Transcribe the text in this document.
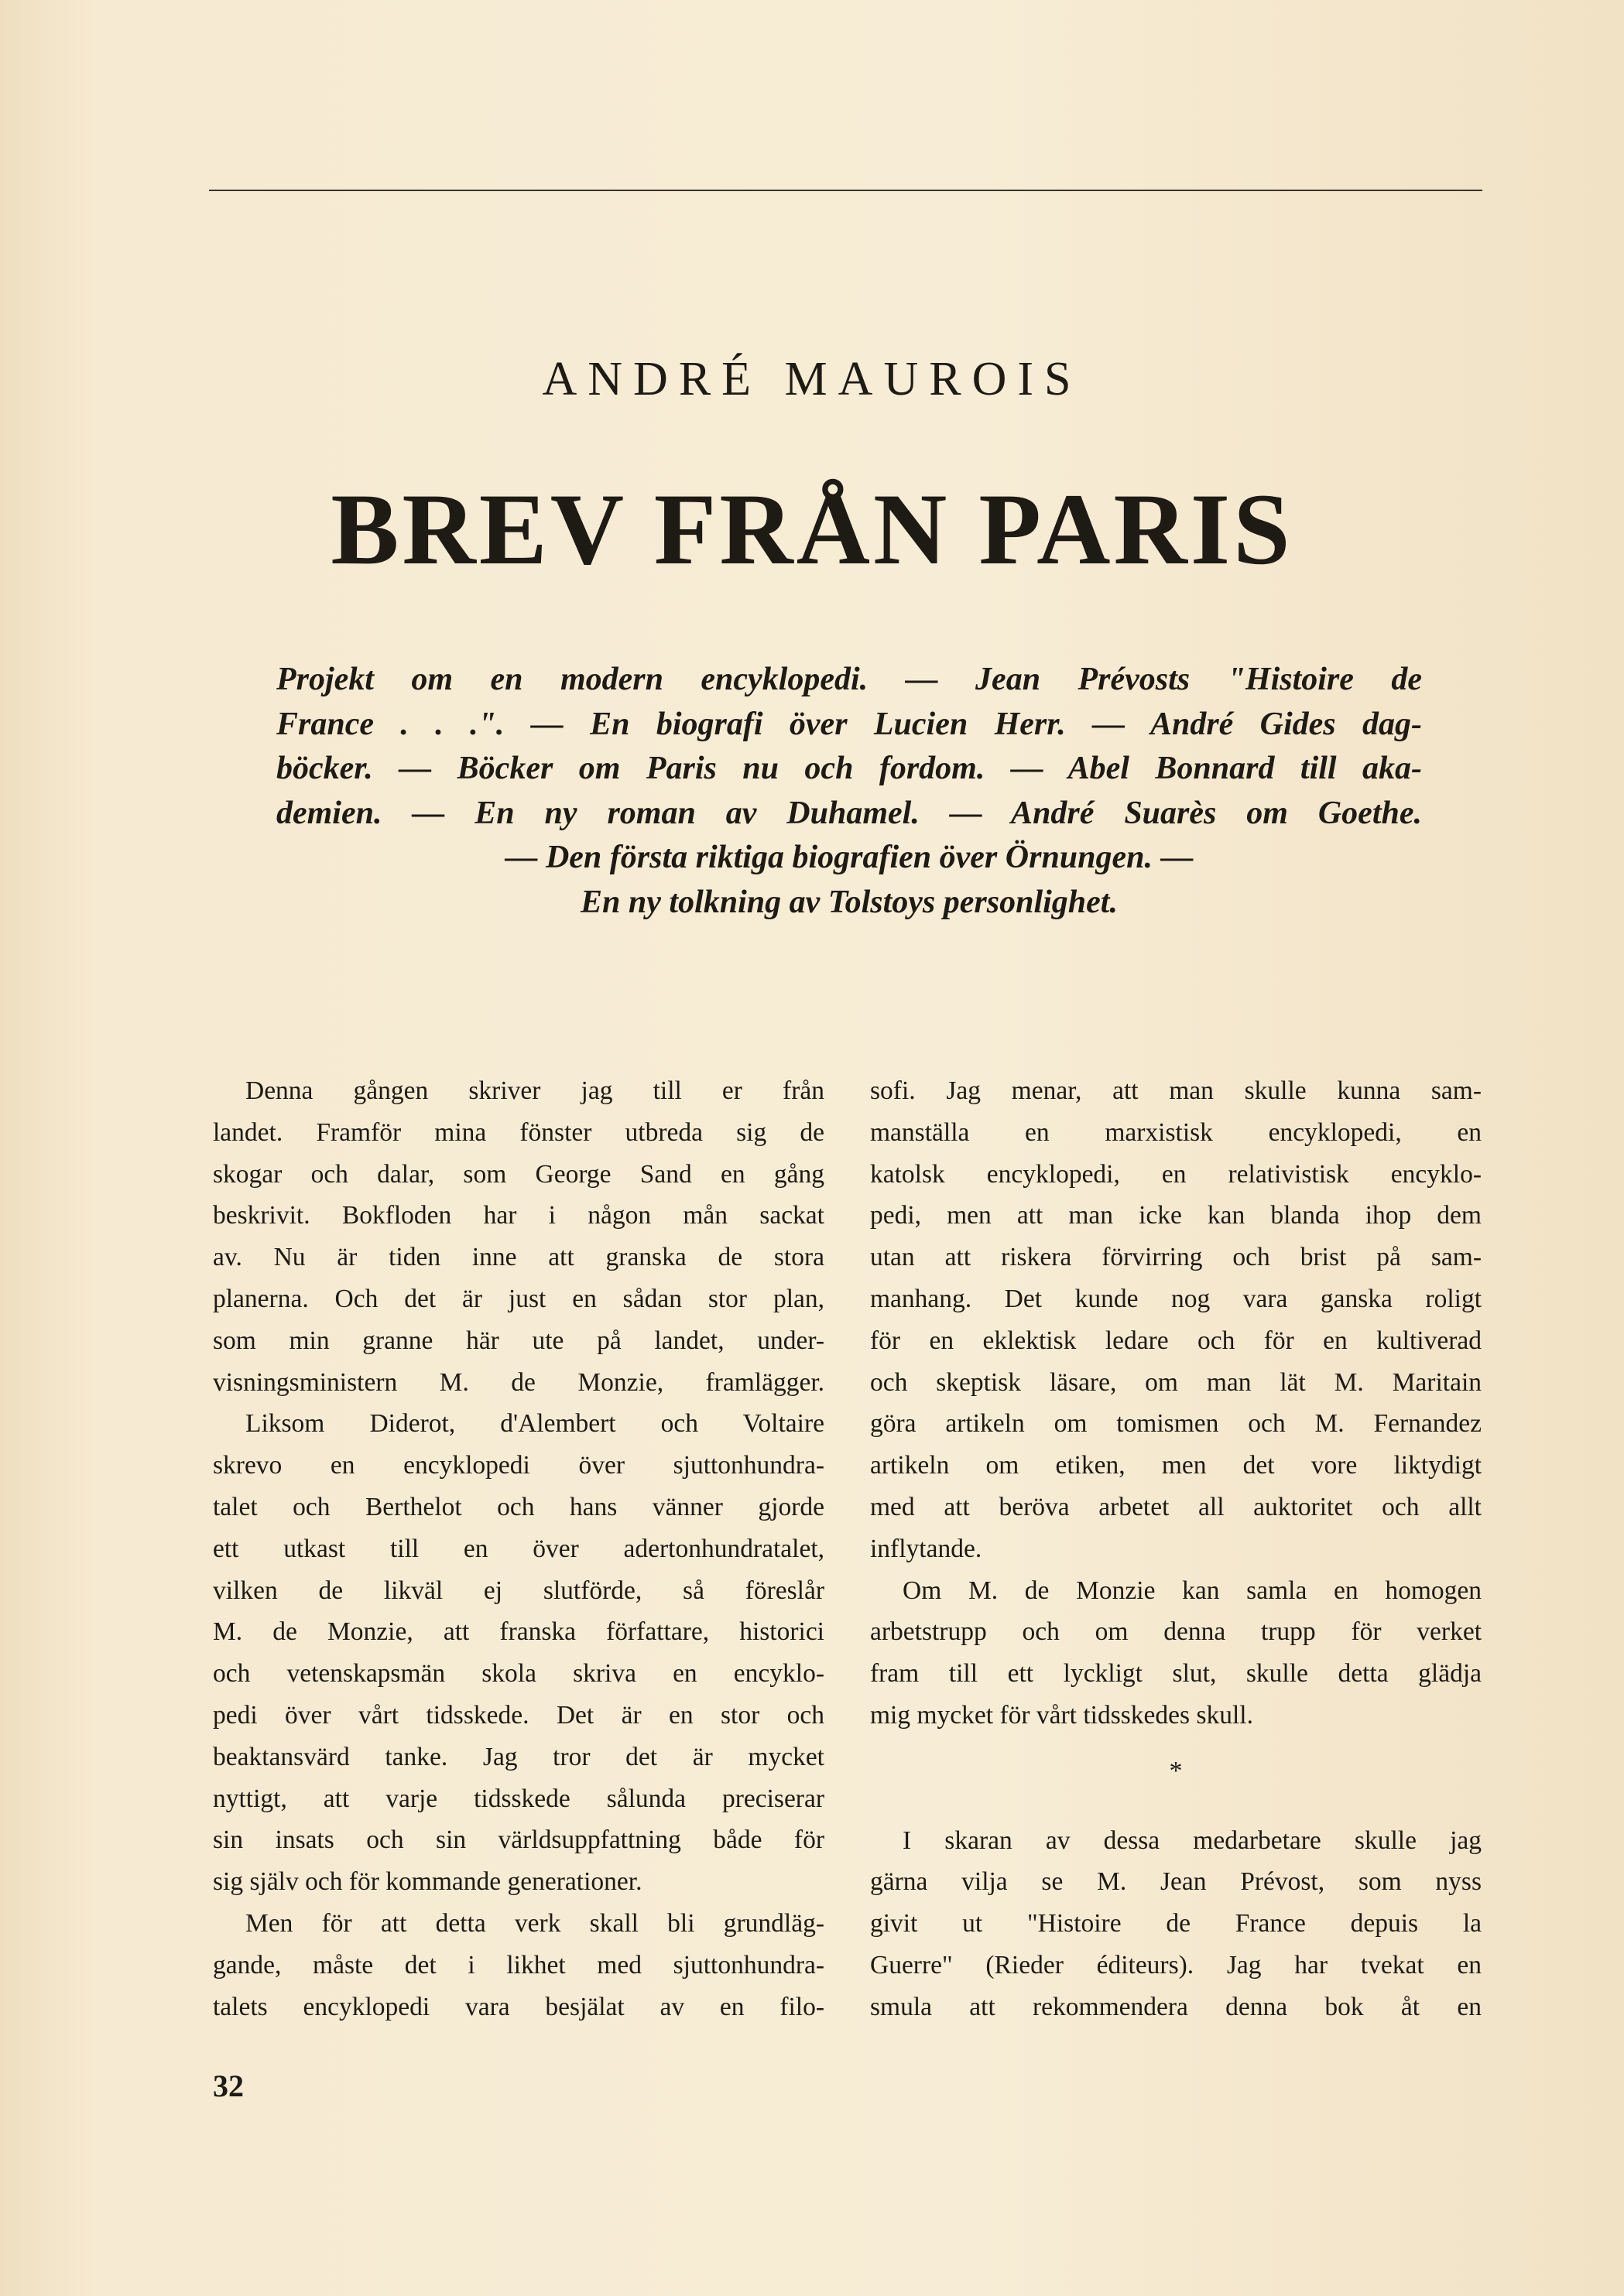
ANDRÉ MAUROIS
BREV FRÅN PARIS
Projekt om en modern encyklopedi. — Jean Prévosts "Histoire de
France . . .". — En biografi över Lucien Herr. — André Gides dag-
böcker. — Böcker om Paris nu och fordom. — Abel Bonnard till aka-
demien. — En ny roman av Duhamel. — André Suarès om Goethe.
— Den första riktiga biografien över Örnungen. —
En ny tolkning av Tolstoys personlighet.
Denna gången skriver jag till er från
landet. Framför mina fönster utbreda sig de
skogar och dalar, som George Sand en gång
beskrivit. Bokfloden har i någon mån sackat
av. Nu är tiden inne att granska de stora
planerna. Och det är just en sådan stor plan,
som min granne här ute på landet, under-
visningsministern M. de Monzie, framlägger.
Liksom Diderot, d'Alembert och Voltaire
skrevo en encyklopedi över sjuttonhundra-
talet och Berthelot och hans vänner gjorde
ett utkast till en över adertonhundratalet,
vilken de likväl ej slutförde, så föreslår
M. de Monzie, att franska författare, historici
och vetenskapsmän skola skriva en encyklo-
pedi över vårt tidsskede. Det är en stor och
beaktansvärd tanke. Jag tror det är mycket
nyttigt, att varje tidsskede sålunda preciserar
sin insats och sin världsuppfattning både för
sig själv och för kommande generationer.
Men för att detta verk skall bli grundläg-
gande, måste det i likhet med sjuttonhundra-
talets encyklopedi vara besjälat av en filo-
sofi. Jag menar, att man skulle kunna sam-
manställa en marxistisk encyklopedi, en
katolsk encyklopedi, en relativistisk encyklo-
pedi, men att man icke kan blanda ihop dem
utan att riskera förvirring och brist på sam-
manhang. Det kunde nog vara ganska roligt
för en eklektisk ledare och för en kultiverad
och skeptisk läsare, om man lät M. Maritain
göra artikeln om tomismen och M. Fernandez
artikeln om etiken, men det vore liktydigt
med att beröva arbetet all auktoritet och allt
inflytande.
Om M. de Monzie kan samla en homogen
arbetstrupp och om denna trupp för verket
fram till ett lyckligt slut, skulle detta glädja
mig mycket för vårt tidsskedes skull.
*
I skaran av dessa medarbetare skulle jag
gärna vilja se M. Jean Prévost, som nyss
givit ut "Histoire de France depuis la
Guerre" (Rieder éditeurs). Jag har tvekat en
smula att rekommendera denna bok åt en
32
